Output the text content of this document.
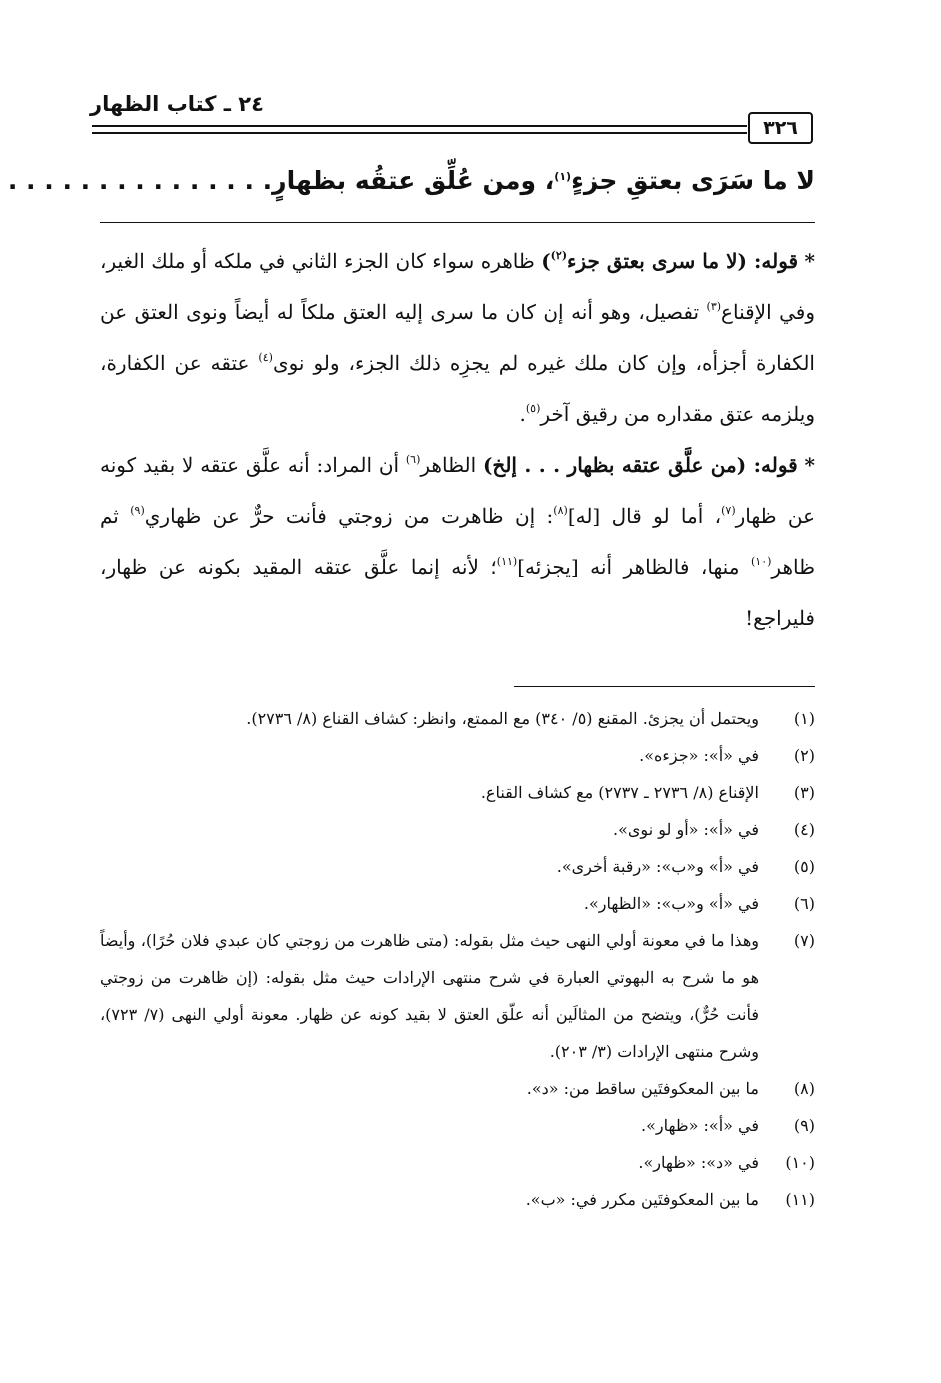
٢٤ ـ كتاب الظهار
٣٢٦
لا ما سَرَى بعتقِ جزءٍ$^{(١)}$، ومن عُلِّق عتقُه بظهارٍ. . . . . . . . . . . . . . .

* قوله: (لا ما سرى بعتق جزء$^{(٢)}$) ظاهره سواء كان الجزء الثاني في ملكه أو ملك الغير، وفي الإقناع$^{(٣)}$ تفصيل، وهو أنه إن كان ما سرى إليه العتق ملكاً له أيضاً ونوى العتق عن الكفارة أجزأه، وإن كان ملك غيره لم يجزِه ذلك الجزء، ولو نوى$^{(٤)}$ عتقه عن الكفارة، ويلزمه عتق مقداره من رقيق آخر$^{(٥)}$.

* قوله: (من علَّق عتقه بظهار . . . إلخ) الظاهر$^{(٦)}$ أن المراد: أنه علَّق عتقه لا بقيد كونه عن ظهار$^{(٧)}$، أما لو قال [له]$^{(٨)}$: إن ظاهرت من زوجتي فأنت حرٌّ عن ظهاري$^{(٩)}$ ثم ظاهر$^{(١٠)}$ منها، فالظاهر أنه [يجزئه]$^{(١١)}$؛ لأنه إنما علَّق عتقه المقيد بكونه عن ظهار، فليراجع!

(١)
ويحتمل أن يجزئ. المقنع (٥/ ٣٤٠) مع الممتع، وانظر: كشاف القناع (٨/ ٢٧٣٦).
(٢)
في «أ»: «جزءه».
(٣)
الإقناع (٨/ ٢٧٣٦ ـ ٢٧٣٧) مع كشاف القناع.
(٤)
في «أ»: «أو لو نوى».
(٥)
في «أ» و«ب»: «رقبة أخرى».
(٦)
في «أ» و«ب»: «الظهار».
(٧)
وهذا ما في معونة أولي النهى حيث مثل بقوله: (متى ظاهرت من زوجتي كان عبدي فلان حُرًا)، وأيضاً هو ما شرح به البهوتي العبارة في شرح منتهى الإرادات حيث مثل بقوله: (إن ظاهرت من زوجتي فأنت حُرٌّ)، ويتضح من المثالَين أنه علّق العتق لا بقيد كونه عن ظهار. معونة أولي النهى (٧/ ٧٢٣)، وشرح منتهى الإرادات (٣/ ٢٠٣).
(٨)
ما بين المعكوفتَين ساقط من: «د».
(٩)
في «أ»: «ظهار».
(١٠)
في «د»: «ظهار».
(١١)
ما بين المعكوفتَين مكرر في: «ب».
